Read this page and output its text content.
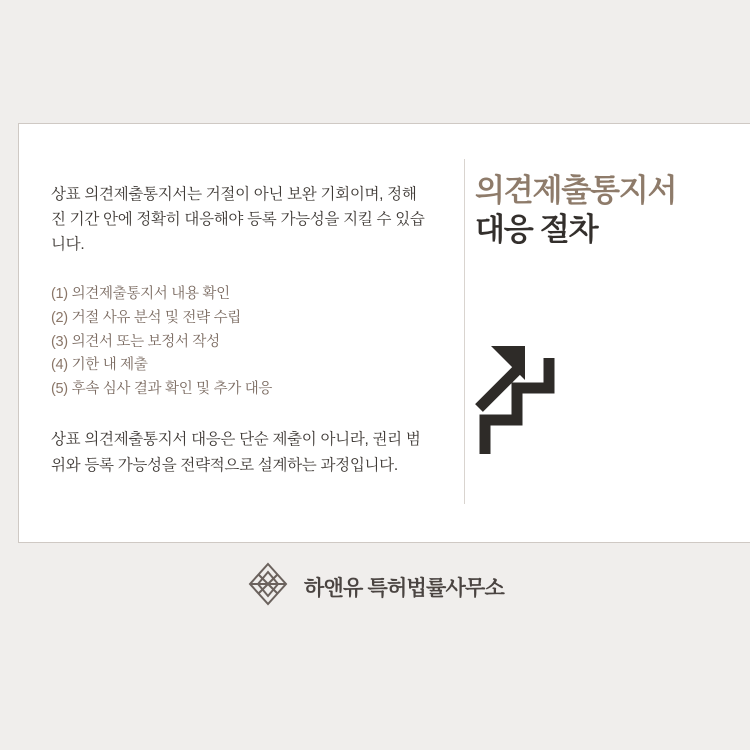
상표 의견제출통지서는 거절이 아닌 보완 기회이며, 정해진 기간 안에 정확히 대응해야 등록 가능성을 지킬 수 있습니다.

(1) 의견제출통지서 내용 확인
(2) 거절 사유 분석 및 전략 수립
(3) 의견서 또는 보정서 작성
(4) 기한 내 제출
(5) 후속 심사 결과 확인 및 추가 대응

상표 의견제출통지서 대응은 단순 제출이 아니라, 권리 범위와 등록 가능성을 전략적으로 설계하는 과정입니다.

의견제출통지서
대응 절차
하앤유 특허법률사무소
